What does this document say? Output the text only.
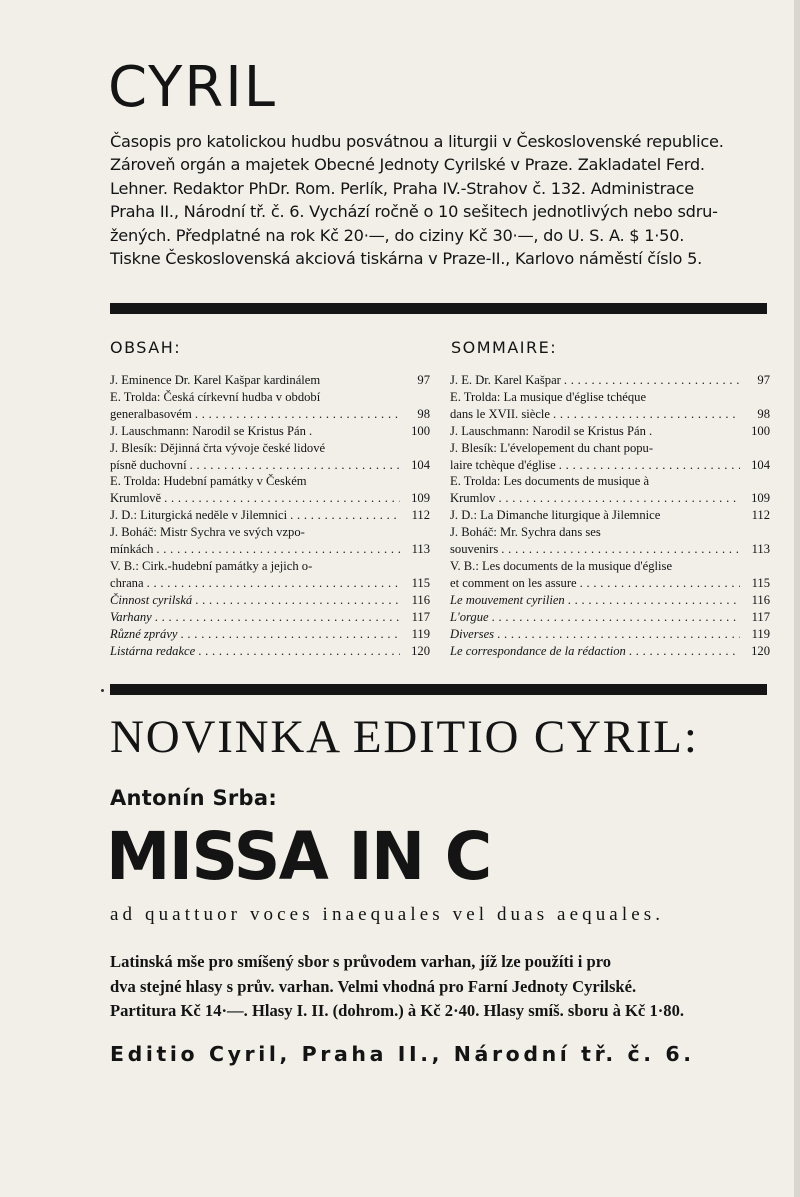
CYRIL
Časopis pro katolickou hudbu posvátnou a liturgii v Československé republice.
Zároveň orgán a majetek Obecné Jednoty Cyrilské v Praze. Zakladatel Ferd.
Lehner. Redaktor PhDr. Rom. Perlík, Praha IV.-Strahov č. 132. Administrace
Praha II., Národní tř. č. 6. Vychází ročně o 10 sešitech jednotlivých nebo sdru-
žených. Předplatné na rok Kč 20·—, do ciziny Kč 30·—, do U. S. A. $ 1·50.
Tiskne Československá akciová tiskárna v Praze-II., Karlovo náměstí číslo 5.
OBSAH:	SOMMAIRE:
J. Eminence Dr. Karel Kašpar kardinálem	97
E. Trolda: Česká církevní hudba v období
generalbasovém . . .	98
J. Lauschmann: Narodil se Kristus Pán .	100
J. Blesík: Dějinná črta vývoje české lidové
písně duchovní . . .	104
E. Trolda: Hudební památky v Českém
Krumlově . . .	109
J. D.: Liturgická neděle v Jilemnici . . .	112
J. Boháč: Mistr Sychra ve svých vzpo-
mínkách . . .	113
V. B.: Cirk.-hudební památky a jejich o-
chrana . . .	115
Činnost cyrilská . . .	116
Varhany . . .	117
Různé zprávy . . .	119
Listárna redakce . . .	120
J. E. Dr. Karel Kašpar . . .	97
E. Trolda: La musique d'église tchéque
dans le XVII. siècle . . .	98
J. Lauschmann: Narodil se Kristus Pán .	100
J. Blesík: L'évelopement du chant popu-
laire tchèque d'église . . .	104
E. Trolda: Les documents de musique à
Krumlov . . .	109
J. D.: La Dimanche liturgique à Jilemnice	112
J. Boháč: Mr. Sychra dans ses
souvenirs . . .	113
V. B.: Les documents de la musique d'église
et comment on les assure . . .	115
Le mouvement cyrilien . . .	116
L'orgue . . .	117
Diverses . . .	119
Le correspondance de la rédaction . . .	120
NOVINKA EDITIO CYRIL:
Antonín Srba:
MISSA IN C
ad quattuor voces inaequales vel duas aequales.
Latinská mše pro smíšený sbor s průvodem varhan, jíž lze použíti i pro
dva stejné hlasy s prův. varhan. Velmi vhodná pro Farní Jednoty Cyrilské.
Partitura Kč 14·—. Hlasy I. II. (dohrom.) à Kč 2·40. Hlasy smíš. sboru à Kč 1·80.
Editio Cyril, Praha II., Národní tř. č. 6.
